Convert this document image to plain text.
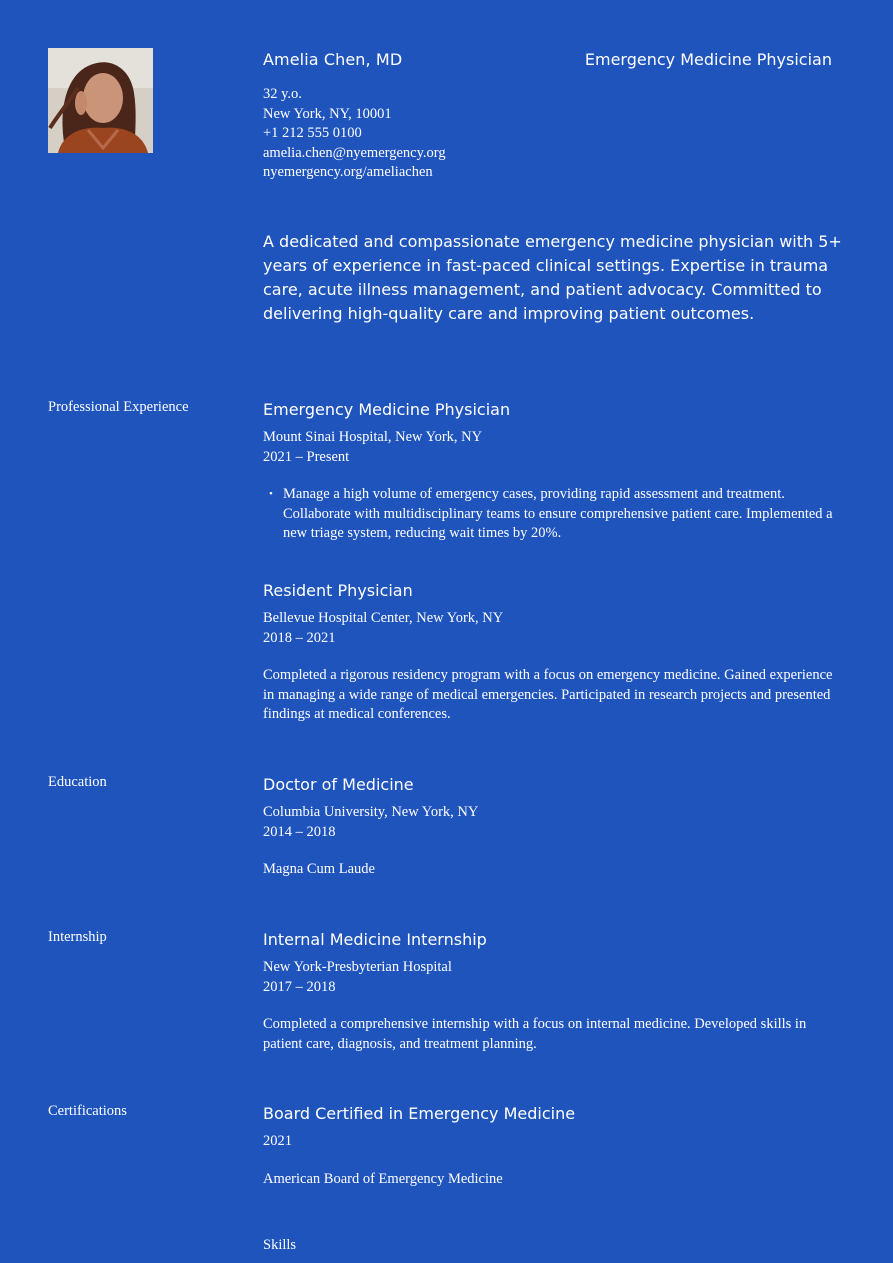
Amelia Chen, MD	Emergency Medicine Physician
32 y.o.
New York, NY, 10001
+1 212 555 0100
amelia.chen@nyemergency.org
nyemergency.org/ameliachen
A dedicated and compassionate emergency medicine physician with 5+ years of experience in fast-paced clinical settings. Expertise in trauma care, acute illness management, and patient advocacy. Committed to delivering high-quality care and improving patient outcomes.
Professional Experience	Emergency Medicine Physician
Mount Sinai Hospital, New York, NY
2021 – Present
• Manage a high volume of emergency cases, providing rapid assessment and treatment. Collaborate with multidisciplinary teams to ensure comprehensive patient care. Implemented a new triage system, reducing wait times by 20%.
Resident Physician
Bellevue Hospital Center, New York, NY
2018 – 2021
Completed a rigorous residency program with a focus on emergency medicine. Gained experience in managing a wide range of medical emergencies. Participated in research projects and presented findings at medical conferences.
Education	Doctor of Medicine
Columbia University, New York, NY
2014 – 2018
Magna Cum Laude
Internship	Internal Medicine Internship
New York-Presbyterian Hospital
2017 – 2018
Completed a comprehensive internship with a focus on internal medicine. Developed skills in patient care, diagnosis, and treatment planning.
Certifications	Board Certified in Emergency Medicine
2021
American Board of Emergency Medicine
Skills
